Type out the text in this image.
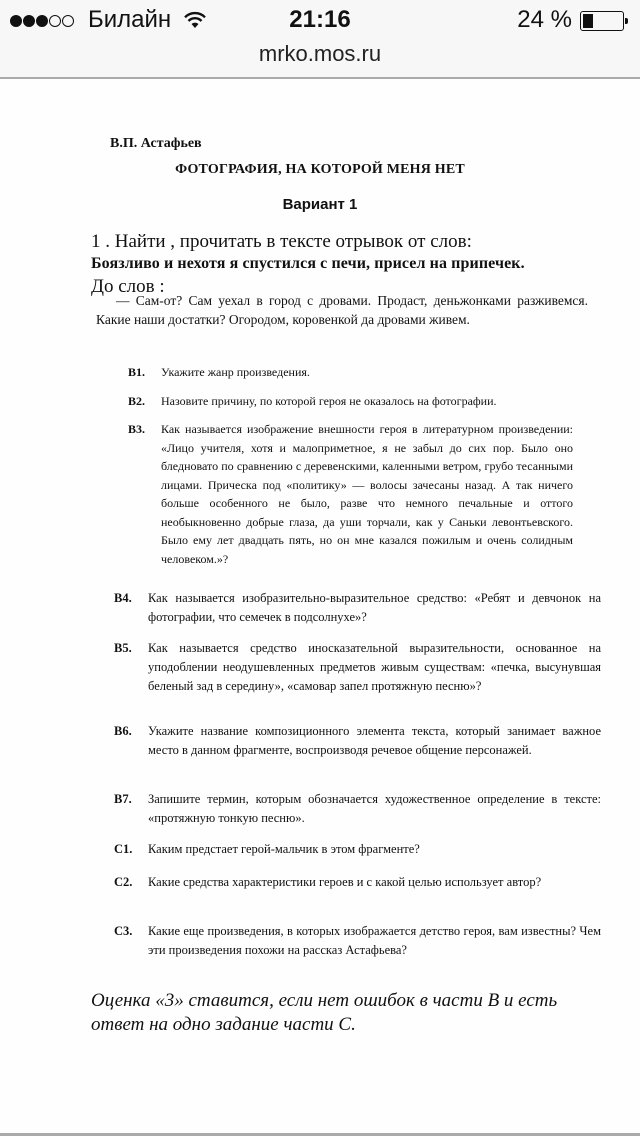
Билайн	21:16	24 %
mrko.mos.ru
В.П. Астафьев
ФОТОГРАФИЯ, НА КОТОРОЙ МЕНЯ НЕТ
Вариант 1
1 . Найти , прочитать в тексте отрывок от слов:
Боязливо и нехотя я спустился с печи, присел на припечек.
До слов :
— Сам-от? Сам уехал в город с дровами. Продаст, деньжонками разживемся. Какие наши достатки? Огородом, коровенкой да дровами живем.
В1. Укажите жанр произведения.
В2. Назовите причину, по которой героя не оказалось на фотографии.
В3. Как называется изображение внешности героя в литературном произведении: «Лицо учителя, хотя и малоприметное, я не забыл до сих пор. Было оно бледновато по сравнению с деревенскими, каленными ветром, грубо тесанными лицами. Прическа под «политику» — волосы зачесаны назад. А так ничего больше особенного не было, разве что немного печальные и оттого необыкновенно добрые глаза, да уши торчали, как у Саньки левонтьевского. Было ему лет двадцать пять, но он мне казался пожилым и очень солидным человеком.»?
В4. Как называется изобразительно-выразительное средство: «Ребят и девчонок на фотографии, что семечек в подсолнухе»?
В5. Как называется средство иносказательной выразительности, основанное на уподоблении неодушевленных предметов живым существам: «печка, высунувшая беленый зад в середину», «самовар запел протяжную песню»?
В6. Укажите название композиционного элемента текста, который занимает важное место в данном фрагменте, воспроизводя речевое общение персонажей.
В7. Запишите термин, которым обозначается художественное определение в тексте: «протяжную тонкую песню».
С1. Каким предстает герой-мальчик в этом фрагменте?
С2. Какие средства характеристики героев и с какой целью использует автор?
С3. Какие еще произведения, в которых изображается детство героя, вам известны? Чем эти произведения похожи на рассказ Астафьева?
Оценка «3» ставится, если нет ошибок в части В и есть ответ на одно задание части С.
